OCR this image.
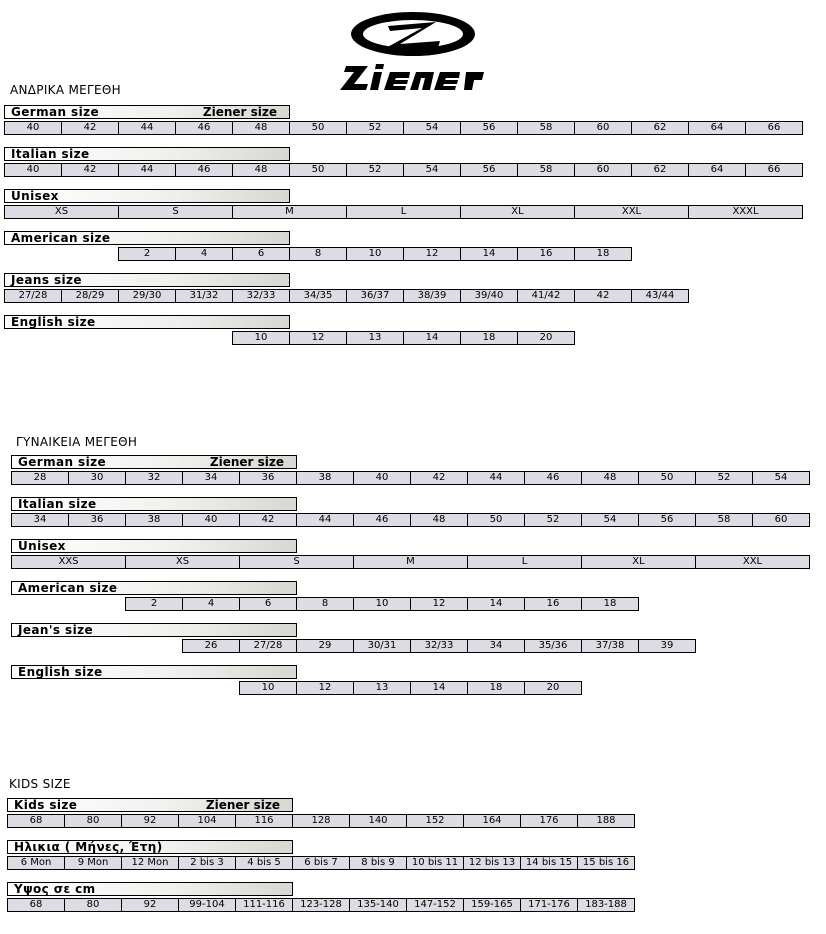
ΑΝΔΡΙΚΑ ΜΕΓΕΘΗ
German size	Ziener size
40	42	44	46	48	50	52	54	56	58	60	62	64	66
Italian size
40	42	44	46	48	50	52	54	56	58	60	62	64	66
Unisex
XS	S	M	L	XL	XXL	XXXL
American size
2	4	6	8	10	12	14	16	18
Jeans size
27/28	28/29	29/30	31/32	32/33	34/35	36/37	38/39	39/40	41/42	42	43/44
English size
10	12	13	14	18	20
ΓΥΝΑΙΚΕΙΑ ΜΕΓΕΘΗ
German size	Ziener size
28	30	32	34	36	38	40	42	44	46	48	50	52	54
Italian size
34	36	38	40	42	44	46	48	50	52	54	56	58	60
Unisex
XXS	XS	S	M	L	XL	XXL
American size
2	4	6	8	10	12	14	16	18
Jean's size
26	27/28	29	30/31	32/33	34	35/36	37/38	39
English size
10	12	13	14	18	20
KIDS SIZE
Kids size	Ziener size
68	80	92	104	116	128	140	152	164	176	188
Ηλικια ( Μήνες, Έτη)
6 Mon	9 Mon	12 Mon	2 bis 3	4 bis 5	6 bis 7	8 bis 9	10 bis 11	12 bis 13	14 bis 15	15 bis 16
Υψος σε cm
68	80	92	99-104	111-116	123-128	135-140	147-152	159-165	171-176	183-188
